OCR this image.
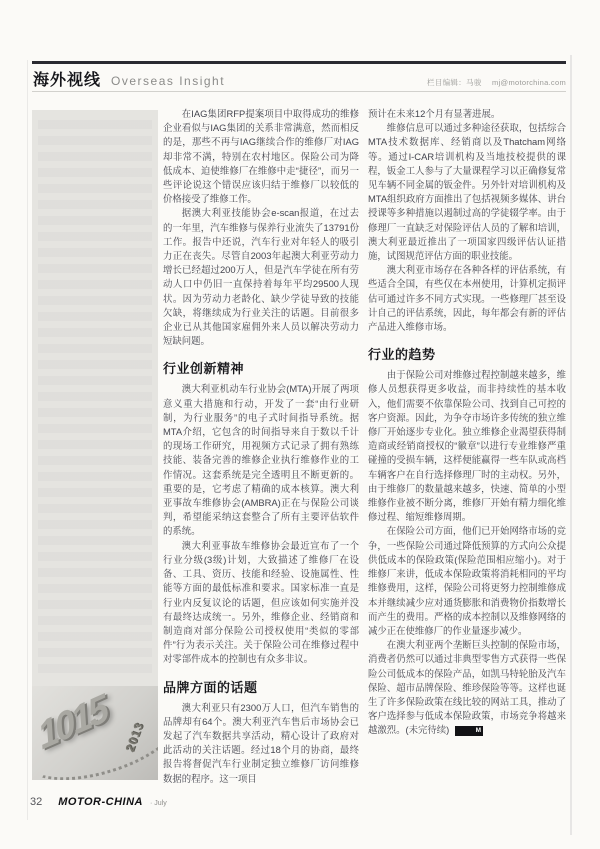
海外视线 Overseas Insight	栏目编辑：马骏 mj@motorchina.com
1015 2013

在IAG集团RFP提案项目中取得成功的维修企业看似与IAG集团的关系非常满意，然而相反的是，那些不再与IAG继续合作的维修厂对IAG却非常不满，特别在农村地区。保险公司为降低成本、迫使维修厂在维修中走“捷径”，而另一些评论说这个错误应该归结于维修厂以较低的价格接受了维修工作。

据澳大利亚技能协会e-scan报道，在过去的一年里，汽车维修与保养行业流失了13791份工作。报告中还说，汽车行业对年轻人的吸引力正在丧失。尽管自2003年起澳大利亚劳动力增长已经超过200万人，但是汽车学徒在所有劳动人口中仍旧一直保持着每年平均29500人现状。因为劳动力老龄化、缺少学徒导致的技能欠缺，将继续成为行业关注的话题。目前很多企业已从其他国家雇佣外来人员以解决劳动力短缺问题。

行业创新精神

澳大利亚机动车行业协会(MTA)开展了两项意义重大措施和行动，开发了一套“由行业研制，为行业服务”的电子式时间指导系统。据MTA介绍，它包含的时间指导来自于数以千计的现场工作研究，用视频方式记录了拥有熟练技能、装备完善的维修企业执行维修作业的工作情况。这套系统是完全透明且不断更新的。重要的是，它考虑了精确的成本核算。澳大利亚事故车维修协会(AMBRA)正在与保险公司谈判，希望能采纳这套整合了所有主要评估软件的系统。

澳大利亚事故车维修协会最近宣布了一个行业分级(3级)计划，大致描述了维修厂在设备、工具、资历、技能和经验、设施属性、性能等方面的最低标准和要求。国家标准一直是行业内反复议论的话题，但应该如何实施并没有最终达成统一。另外，维修企业、经销商和制造商对部分保险公司授权使用“类似的零部件”行为表示关注。关于保险公司在维修过程中对零部件成本的控制也有众多非议。

品牌方面的话题

澳大利亚只有2300万人口，但汽车销售的品牌却有64个。澳大利亚汽车售后市场协会已发起了汽车数据共享活动，精心设计了政府对此活动的关注话题。经过18个月的协商，最终报告将督促汽车行业制定独立维修厂访问维修数据的程序。这一项目

预计在未来12个月有显著进展。

维修信息可以通过多种途径获取，包括综合MTA技术数据库、经销商以及Thatcham网络等。通过I-CAR培训机构及当地技校提供的课程，钣金工人参与了大量课程学习以正确修复常见车辆不同金属的钣金件。另外针对培训机构及MTA组织政府方面推出了包括视频多媒体、讲台授课等多种措施以遏制过高的学徒辍学率。由于修理厂一直缺乏对保险评估人员的了解和培训，澳大利亚最近推出了一项国家四级评估认证措施，试图规范评估方面的职业技能。

澳大利亚市场存在各种各样的评估系统，有些适合全国，有些仅在本州使用，计算机定损评估可通过许多不同方式实现。一些修理厂甚至设计自己的评估系统，因此，每年都会有新的评估产品进入维修市场。

行业的趋势

由于保险公司对维修过程控制越来越多，维修人员想获得更多收益，而非持续性的基本收入，他们需要不依靠保险公司、找到自己可控的客户资源。因此，为争夺市场许多传统的独立维修厂开始逐步专业化。独立维修企业渴望获得制造商或经销商授权的“徽章”以进行专业维修严重碰撞的受损车辆，这样便能赢得一些车队或高档车辆客户在自行选择修理厂时的主动权。另外，由于维修厂的数量越来越多，快速、简单的小型维修作业被不断分离，维修厂开始有精力细化维修过程、缩短维修周期。

在保险公司方面，他们已开始网络市场的竞争，一些保险公司通过降低预算的方式向公众提供低成本的保险政策(保险范围相应缩小)。对于维修厂来讲，低成本保险政策将消耗相同的平均维修费用，这样，保险公司将更努力控制维修成本并继续减少应对通货膨胀和消费物价指数增长而产生的费用。严格的成本控制以及维修网络的减少正在使维修厂的作业量逐步减少。

在澳大利亚两个垄断巨头控制的保险市场，消费者仍然可以通过非典型零售方式获得一些保险公司低成本的保险产品，如凯马特轮胎及汽车保险、超市品牌保险、维珍保险等等。这样也诞生了许多保险政策在线比较的网站工具，推动了客户选择参与低成本保险政策，市场竞争将越来越激烈。(未完待续)	M

32 MOTOR-CHINA · July
